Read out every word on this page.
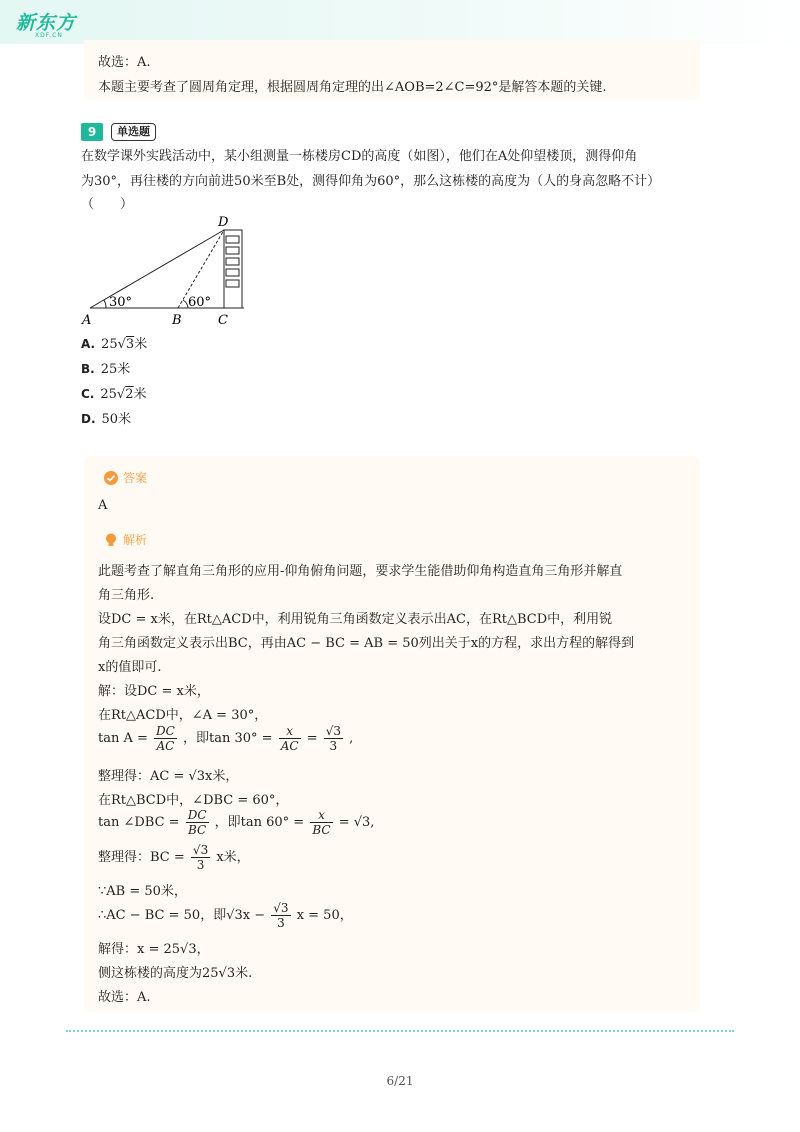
新东方
XDF.CN

故选：A.

本题主要考查了圆周角定理，根据圆周角定理的出∠AOB=2∠C=92°是解答本题的关键.

9	单选题

在数学课外实践活动中，某小组测量一栋楼房CD的高度（如图），他们在A处仰望楼顶，测得仰角

为30°，再往楼的方向前进50米至B处，测得仰角为60°，那么这栋楼的高度为（人的身高忽略不计）

（　　）

30°	60°
D
A	B	C
A. 25√3米
B. 25米
C. 25√2米
D. 50米
答案

A

解析

此题考查了解直角三角形的应用-仰角俯角问题，要求学生能借助仰角构造直角三角形并解直

角三角形.

设DC = x米，在Rt△ACD中，利用锐角三角函数定义表示出AC，在Rt△BCD中，利用锐

角三角函数定义表示出BC，再由AC − BC = AB = 50列出关于x的方程，求出方程的解得到

x的值即可.

解：设DC = x米，

在Rt△ACD中，∠A = 30°，

$\tan A = \frac{DC}{AC}$ ，即$\tan 30^\circ = \frac{x}{AC} = \frac{√3}{3}$ ,

整理得：AC = √3x米，

在Rt△BCD中，∠DBC = 60°，

tan ∠DBC = $\frac{DC}{BC}$ ，即$\tan 60^\circ = \frac{x}{BC} = √3$,
整理得：BC = $\frac{√3}{3}$ x米，

∵AB = 50米，

∴AC − BC = 50，即$√3x - \frac{√3}{3}$ x = 50，

解得：x = 25√3，

侧这栋楼的高度为25√3米.

故选：A.

6/21
